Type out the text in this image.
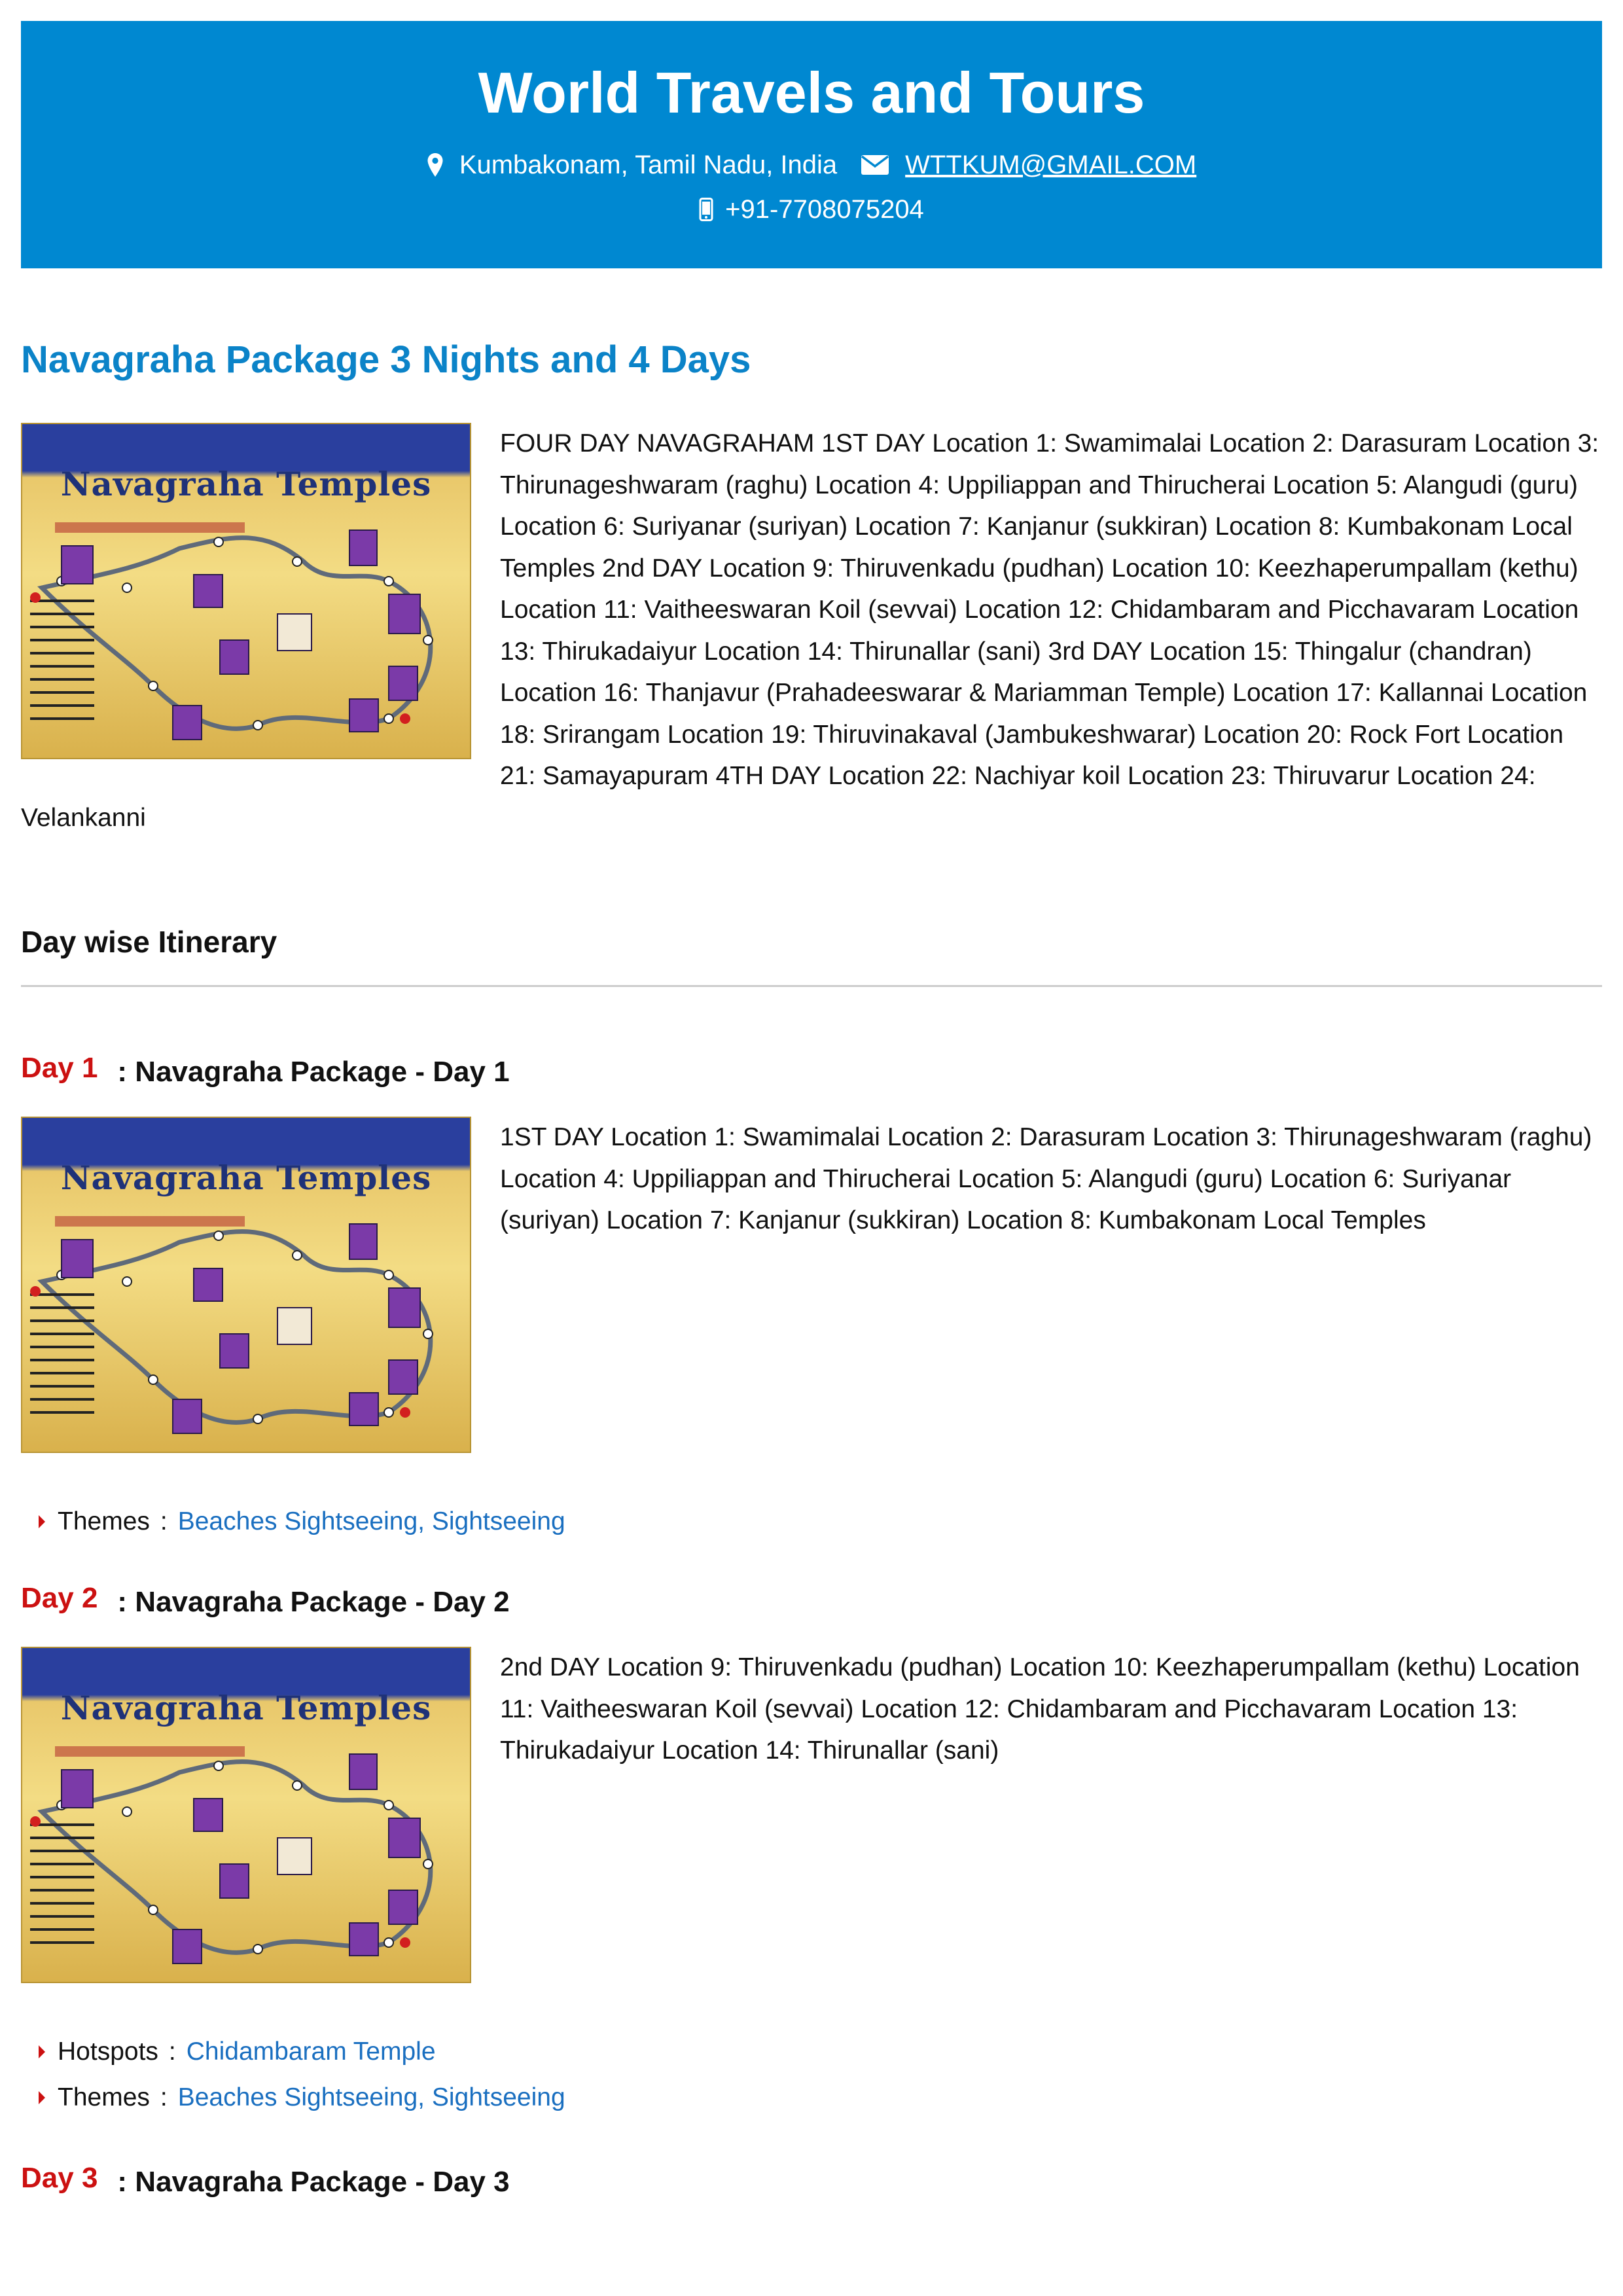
World Travels and Tours
Kumbakonam, Tamil Nadu, India	WTTKUM@GMAIL.COM
+91-7708075204
Navagraha Package 3 Nights and 4 Days
Navagraha Temples
FOUR DAY NAVAGRAHAM 1ST DAY Location 1: Swamimalai Location 2: Darasuram Location 3: Thirunageshwaram (raghu) Location 4: Uppiliappan and Thirucherai Location 5: Alangudi (guru) Location 6: Suriyanar (suriyan) Location 7: Kanjanur (sukkiran) Location 8: Kumbakonam Local Temples 2nd DAY Location 9: Thiruvenkadu (pudhan) Location 10: Keezhaperumpallam (kethu) Location 11: Vaitheeswaran Koil (sevvai) Location 12: Chidambaram and Picchavaram Location 13: Thirukadaiyur Location 14: Thirunallar (sani) 3rd DAY Location 15: Thingalur (chandran) Location 16: Thanjavur (Prahadeeswarar & Mariamman Temple) Location 17: Kallannai Location 18: Srirangam Location 19: Thiruvinakaval (Jambukeshwarar) Location 20: Rock Fort Location 21: Samayapuram 4TH DAY Location 22: Nachiyar koil Location 23: Thiruvarur Location 24: Velankanni
Day wise Itinerary
Day 1 : Navagraha Package - Day 1
Navagraha Temples
1ST DAY Location 1: Swamimalai Location 2: Darasuram Location 3: Thirunageshwaram (raghu) Location 4: Uppiliappan and Thirucherai Location 5: Alangudi (guru) Location 6: Suriyanar (suriyan) Location 7: Kanjanur (sukkiran) Location 8: Kumbakonam Local Temples
Themes : Beaches Sightseeing, Sightseeing
Day 2 : Navagraha Package - Day 2
Navagraha Temples
2nd DAY Location 9: Thiruvenkadu (pudhan) Location 10: Keezhaperumpallam (kethu) Location 11: Vaitheeswaran Koil (sevvai) Location 12: Chidambaram and Picchavaram Location 13: Thirukadaiyur Location 14: Thirunallar (sani)
Hotspots : Chidambaram Temple
Themes : Beaches Sightseeing, Sightseeing
Day 3 : Navagraha Package - Day 3
